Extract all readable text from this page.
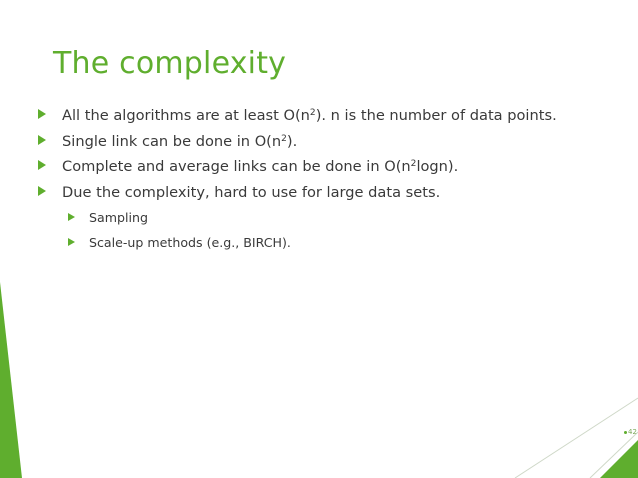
The complexity
All the algorithms are at least $O(n^2)$. n is the number of data points.
Single link can be done in $O(n^2)$.
Complete and average links can be done in $O(n^2\log n)$.
Due the complexity, hard to use for large data sets.
Sampling
Scale-up methods (e.g., BIRCH).
42
